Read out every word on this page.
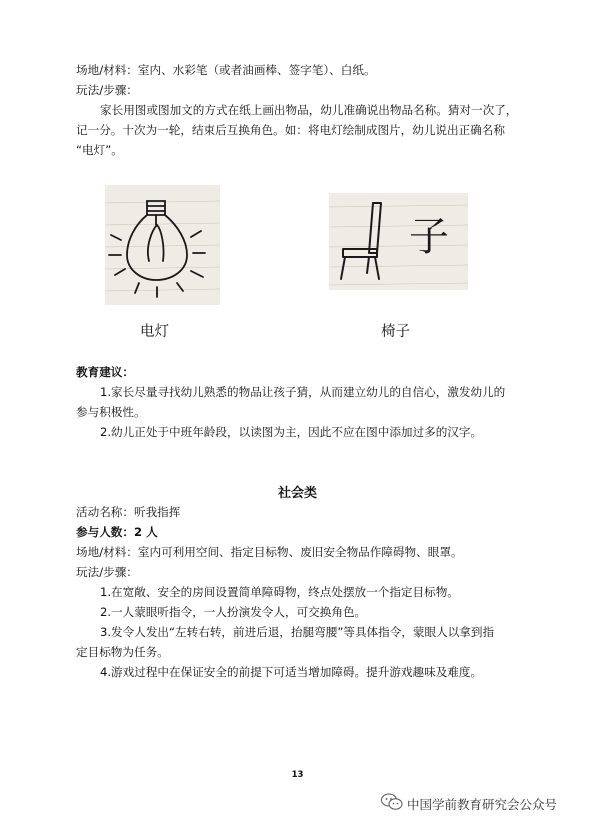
场地/材料：室内、水彩笔（或者油画棒、签字笔）、白纸。
玩法/步骤：
家长用图或图加文的方式在纸上画出物品，幼儿准确说出物品名称。猜对一次了，
记一分。十次为一轮，结束后互换角色。如：将电灯绘制成图片，幼儿说出正确名称
“电灯”。
子
电灯	椅子
教育建议：
1.家长尽量寻找幼儿熟悉的物品让孩子猜，从而建立幼儿的自信心，激发幼儿的
参与积极性。
2.幼儿正处于中班年龄段，以读图为主，因此不应在图中添加过多的汉字。
社会类
活动名称：听我指挥
参与人数：2 人
场地/材料：室内可利用空间、指定目标物、废旧安全物品作障碍物、眼罩。
玩法/步骤：
1.在宽敞、安全的房间设置简单障碍物，终点处摆放一个指定目标物。
2.一人蒙眼听指令，一人扮演发令人，可交换角色。
3.发令人发出“左转右转，前进后退，抬腿弯腰”等具体指令，蒙眼人以拿到指
定目标物为任务。
4.游戏过程中在保证安全的前提下可适当增加障碍。提升游戏趣味及难度。
13
中国学前教育研究会公众号
